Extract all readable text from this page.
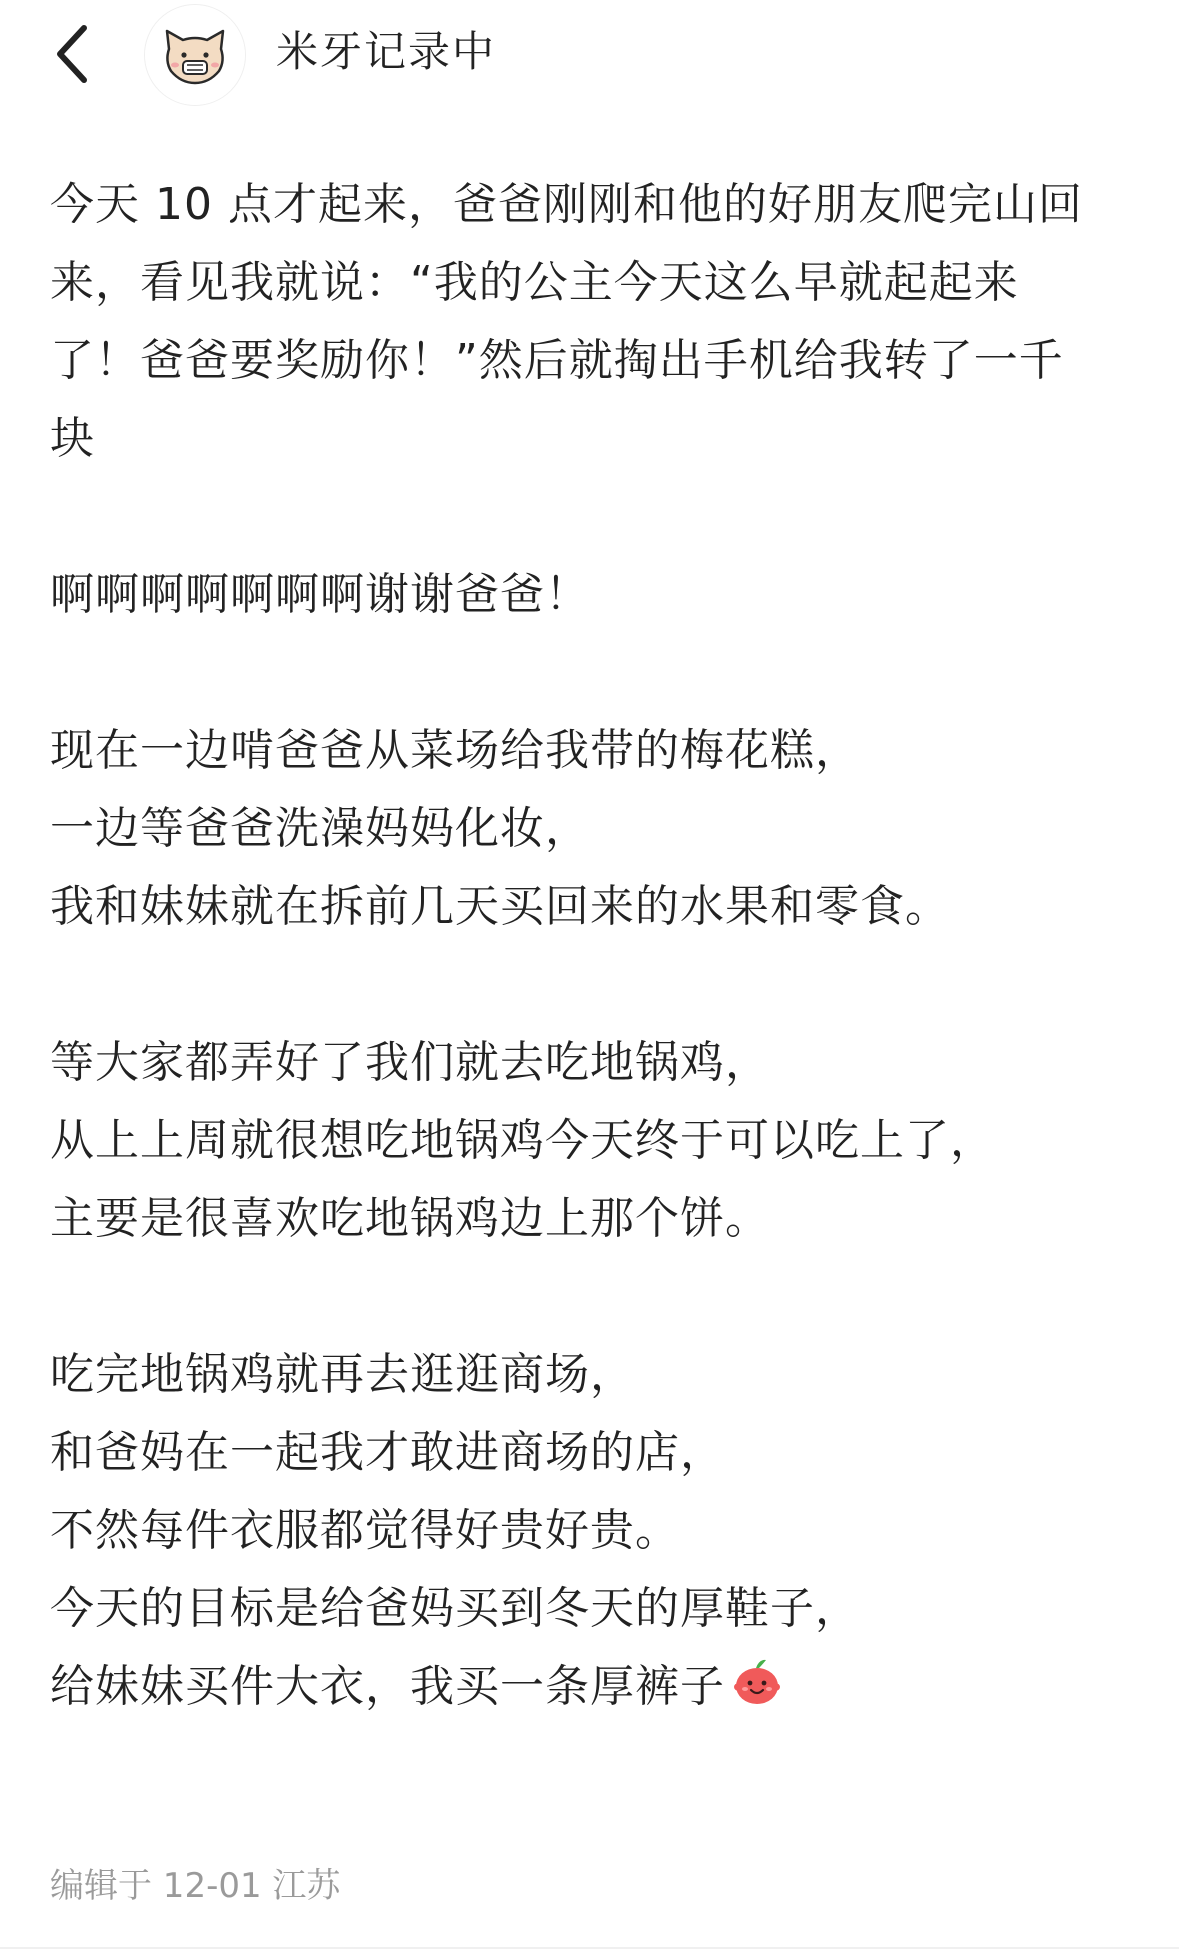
米牙记录中
今天 10 点才起来，爸爸刚刚和他的好朋友爬完山回
来，看见我就说：“我的公主今天这么早就起起来
了！爸爸要奖励你！”然后就掏出手机给我转了一千
块
啊啊啊啊啊啊啊谢谢爸爸！
现在一边啃爸爸从菜场给我带的梅花糕，
一边等爸爸洗澡妈妈化妆，
我和妹妹就在拆前几天买回来的水果和零食。
等大家都弄好了我们就去吃地锅鸡，
从上上周就很想吃地锅鸡今天终于可以吃上了，
主要是很喜欢吃地锅鸡边上那个饼。
吃完地锅鸡就再去逛逛商场，
和爸妈在一起我才敢进商场的店，
不然每件衣服都觉得好贵好贵。
今天的目标是给爸妈买到冬天的厚鞋子，
给妹妹买件大衣，我买一条厚裤子
编辑于 12-01 江苏
